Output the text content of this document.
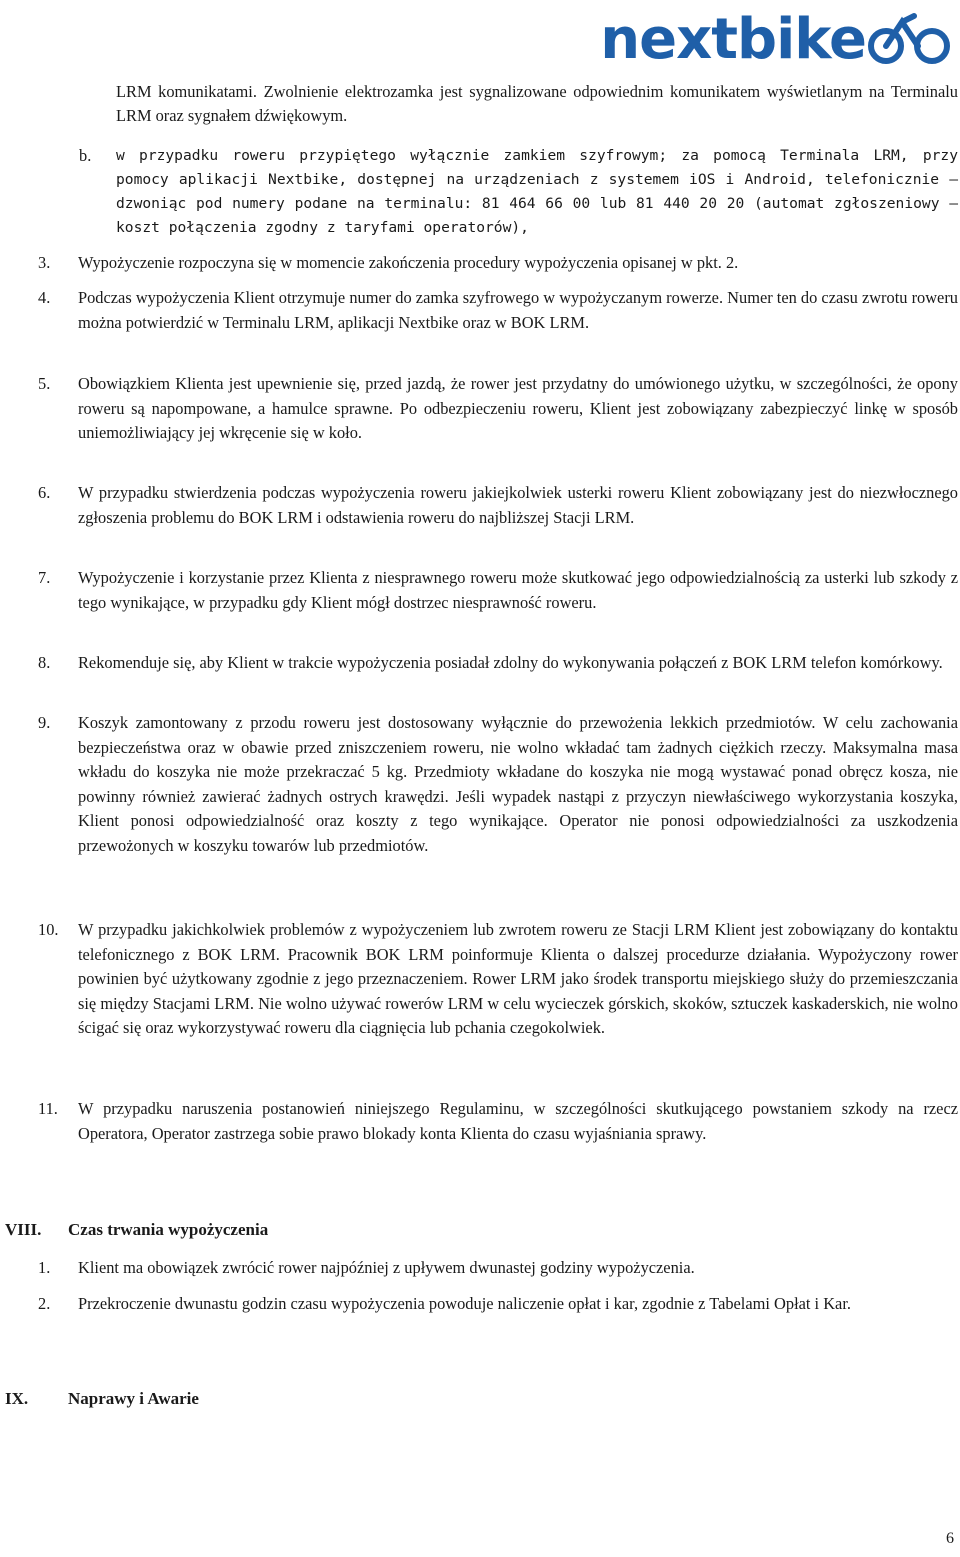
nextbike
LRM komunikatami. Zwolnienie elektrozamka jest sygnalizowane odpowiednim komunikatem wyświetlanym na Terminalu LRM oraz sygnałem dźwiękowym.
b. w przypadku roweru przypiętego wyłącznie zamkiem szyfrowym; za pomocą Terminala LRM, przy pomocy aplikacji Nextbike, dostępnej na urządzeniach z systemem iOS i Android, telefonicznie – dzwoniąc pod numery podane na terminalu: 81 464 66 00 lub 81 440 20 20 (automat zgłoszeniowy – koszt połączenia zgodny z taryfami operatorów),
3. Wypożyczenie rozpoczyna się w momencie zakończenia procedury wypożyczenia opisanej w pkt. 2.
4. Podczas wypożyczenia Klient otrzymuje numer do zamka szyfrowego w wypożyczanym rowerze. Numer ten do czasu zwrotu roweru można potwierdzić w Terminalu LRM, aplikacji Nextbike oraz w BOK LRM.
5. Obowiązkiem Klienta jest upewnienie się, przed jazdą, że rower jest przydatny do umówionego użytku, w szczególności, że opony roweru są napompowane, a hamulce sprawne. Po odbezpieczeniu roweru, Klient jest zobowiązany zabezpieczyć linkę w sposób uniemożliwiający jej wkręcenie się w koło.
6. W przypadku stwierdzenia podczas wypożyczenia roweru jakiejkolwiek usterki roweru Klient zobowiązany jest do niezwłocznego zgłoszenia problemu do BOK LRM i odstawienia roweru do najbliższej Stacji LRM.
7. Wypożyczenie i korzystanie przez Klienta z niesprawnego roweru może skutkować jego odpowiedzialnością za usterki lub szkody z tego wynikające, w przypadku gdy Klient mógł dostrzec niesprawność roweru.
8. Rekomenduje się, aby Klient w trakcie wypożyczenia posiadał zdolny do wykonywania połączeń z BOK LRM telefon komórkowy.
9. Koszyk zamontowany z przodu roweru jest dostosowany wyłącznie do przewożenia lekkich przedmiotów. W celu zachowania bezpieczeństwa oraz w obawie przed zniszczeniem roweru, nie wolno wkładać tam żadnych ciężkich rzeczy. Maksymalna masa wkładu do koszyka nie może przekraczać 5 kg. Przedmioty wkładane do koszyka nie mogą wystawać ponad obręcz kosza, nie powinny również zawierać żadnych ostrych krawędzi. Jeśli wypadek nastąpi z przyczyn niewłaściwego wykorzystania koszyka, Klient ponosi odpowiedzialność oraz koszty z tego wynikające. Operator nie ponosi odpowiedzialności za uszkodzenia przewożonych w koszyku towarów lub przedmiotów.
10. W przypadku jakichkolwiek problemów z wypożyczeniem lub zwrotem roweru ze Stacji LRM Klient jest zobowiązany do kontaktu telefonicznego z BOK LRM. Pracownik BOK LRM poinformuje Klienta o dalszej procedurze działania. Wypożyczony rower powinien być użytkowany zgodnie z jego przeznaczeniem. Rower LRM jako środek transportu miejskiego służy do przemieszczania się między Stacjami LRM. Nie wolno używać rowerów LRM w celu wycieczek górskich, skoków, sztuczek kaskaderskich, nie wolno ścigać się oraz wykorzystywać roweru dla ciągnięcia lub pchania czegokolwiek.
11. W przypadku naruszenia postanowień niniejszego Regulaminu, w szczególności skutkującego powstaniem szkody na rzecz Operatora, Operator zastrzega sobie prawo blokady konta Klienta do czasu wyjaśniania sprawy.
VIII. Czas trwania wypożyczenia
1. Klient ma obowiązek zwrócić rower najpóźniej z upływem dwunastej godziny wypożyczenia.
2. Przekroczenie dwunastu godzin czasu wypożyczenia powoduje naliczenie opłat i kar, zgodnie z Tabelami Opłat i Kar.
IX. Naprawy i Awarie
6
